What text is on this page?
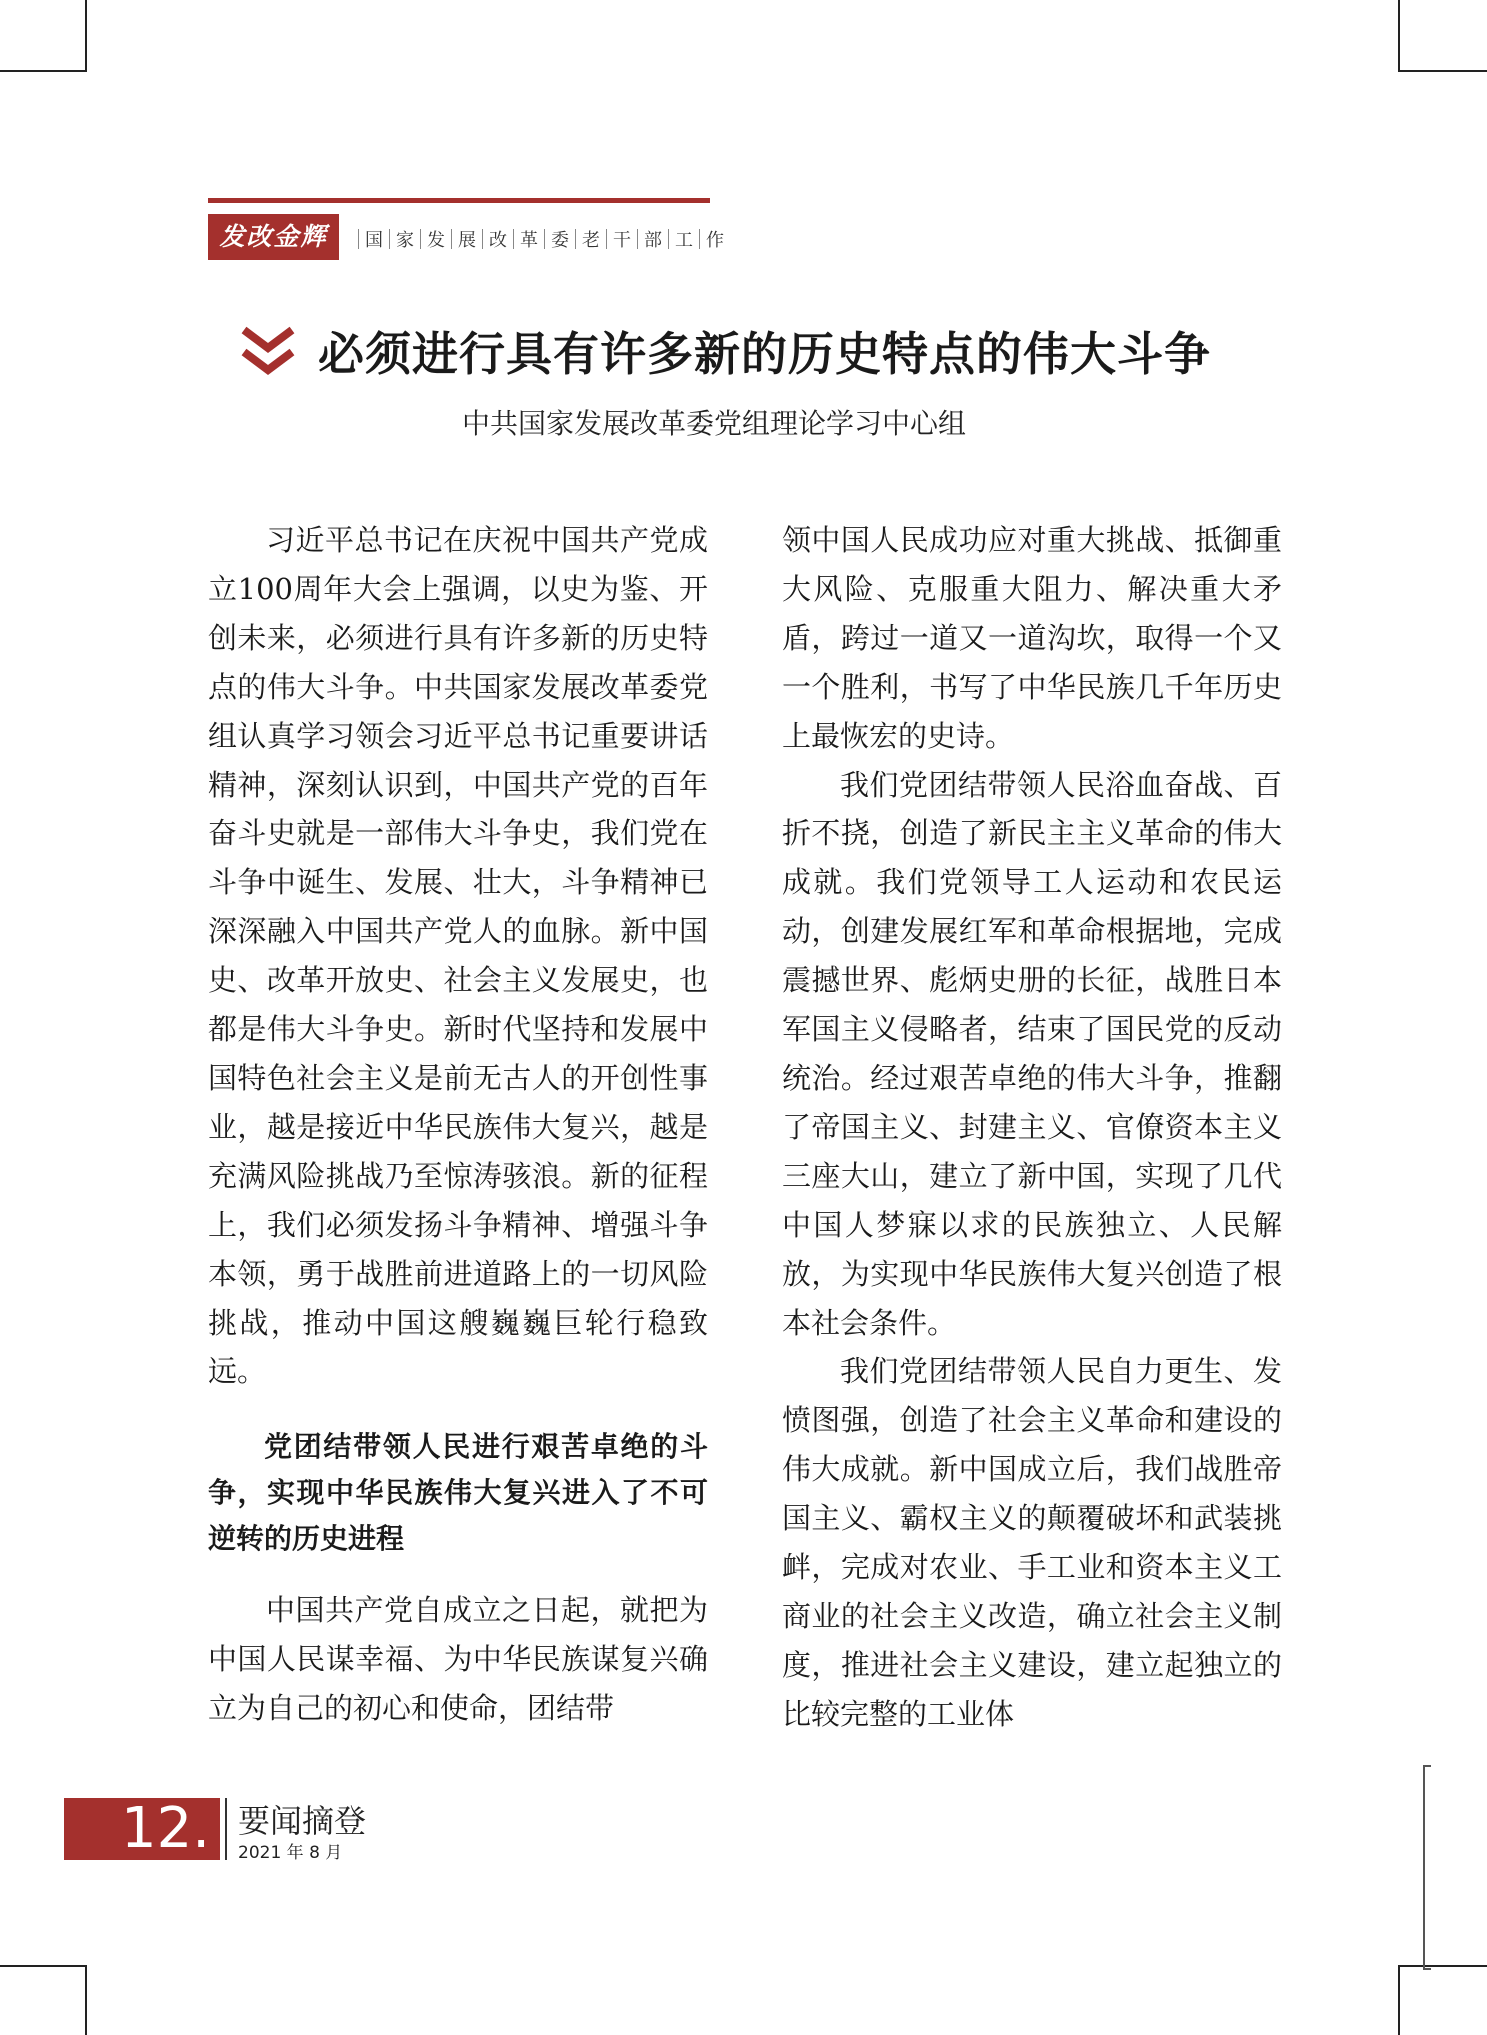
发改金辉	国 家 发 展 改 革 委 老 干 部 工 作
必须进行具有许多新的历史特点的伟大斗争
中共国家发展改革委党组理论学习中心组

习近平总书记在庆祝中国共产党成立100周年大会上强调，以史为鉴、开创未来，必须进行具有许多新的历史特点的伟大斗争。中共国家发展改革委党组认真学习领会习近平总书记重要讲话精神，深刻认识到，中国共产党的百年奋斗史就是一部伟大斗争史，我们党在斗争中诞生、发展、壮大，斗争精神已深深融入中国共产党人的血脉。新中国史、改革开放史、社会主义发展史，也都是伟大斗争史。新时代坚持和发展中国特色社会主义是前无古人的开创性事业，越是接近中华民族伟大复兴，越是充满风险挑战乃至惊涛骇浪。新的征程上，我们必须发扬斗争精神、增强斗争本领，勇于战胜前进道路上的一切风险挑战，推动中国这艘巍巍巨轮行稳致远。

党团结带领人民进行艰苦卓绝的斗争，实现中华民族伟大复兴进入了不可逆转的历史进程

中国共产党自成立之日起，就把为中国人民谋幸福、为中华民族谋复兴确立为自己的初心和使命，团结带

领中国人民成功应对重大挑战、抵御重大风险、克服重大阻力、解决重大矛盾，跨过一道又一道沟坎，取得一个又一个胜利，书写了中华民族几千年历史上最恢宏的史诗。

我们党团结带领人民浴血奋战、百折不挠，创造了新民主主义革命的伟大成就。我们党领导工人运动和农民运动，创建发展红军和革命根据地，完成震撼世界、彪炳史册的长征，战胜日本军国主义侵略者，结束了国民党的反动统治。经过艰苦卓绝的伟大斗争，推翻了帝国主义、封建主义、官僚资本主义三座大山，建立了新中国，实现了几代中国人梦寐以求的民族独立、人民解放，为实现中华民族伟大复兴创造了根本社会条件。

我们党团结带领人民自力更生、发愤图强，创造了社会主义革命和建设的伟大成就。新中国成立后，我们战胜帝国主义、霸权主义的颠覆破坏和武装挑衅，完成对农业、手工业和资本主义工商业的社会主义改造，确立社会主义制度，推进社会主义建设，建立起独立的比较完整的工业体

12. 要闻摘登
2021 年 8 月
